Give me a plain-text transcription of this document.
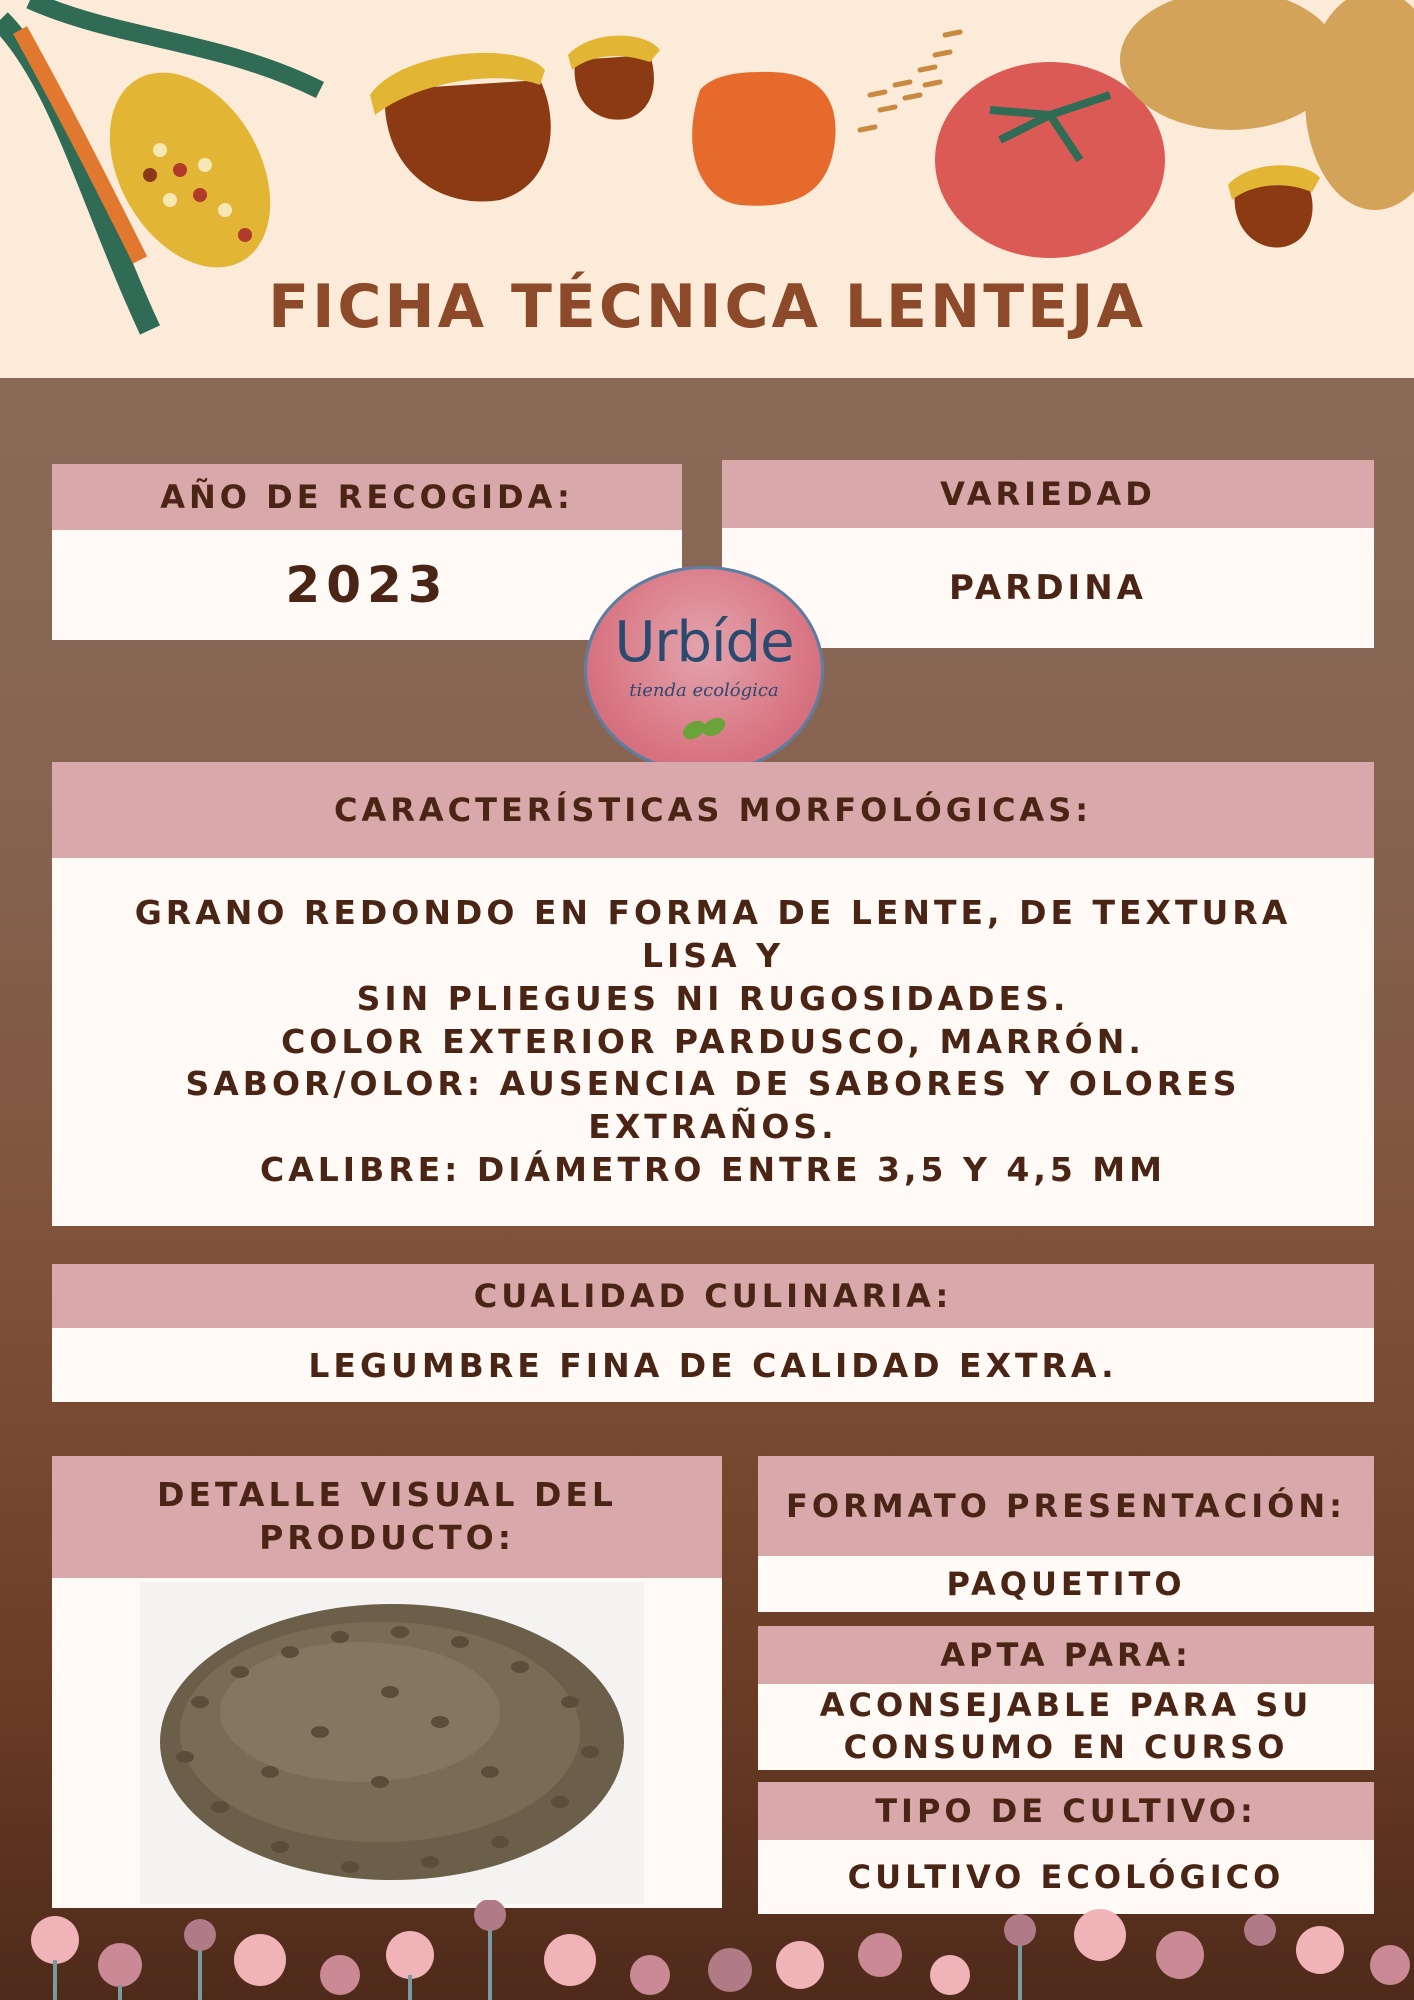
FICHA TÉCNICA LENTEJA
AÑO DE RECOGIDA:
2023
VARIEDAD
PARDINA
Urbíde
tienda ecológica
CARACTERÍSTICAS MORFOLÓGICAS:
GRANO REDONDO EN FORMA DE LENTE, DE TEXTURA LISA Y
SIN PLIEGUES NI RUGOSIDADES.
COLOR EXTERIOR PARDUSCO, MARRÓN.
SABOR/OLOR: AUSENCIA DE SABORES Y OLORES
EXTRAÑOS.
CALIBRE: DIÁMETRO ENTRE 3,5 Y 4,5 MM
CUALIDAD CULINARIA:
LEGUMBRE FINA DE CALIDAD EXTRA.
DETALLE VISUAL DEL
PRODUCTO:
FORMATO PRESENTACIÓN:
PAQUETITO
APTA PARA:
ACONSEJABLE PARA SU
CONSUMO EN CURSO
TIPO DE CULTIVO:
CULTIVO ECOLÓGICO
